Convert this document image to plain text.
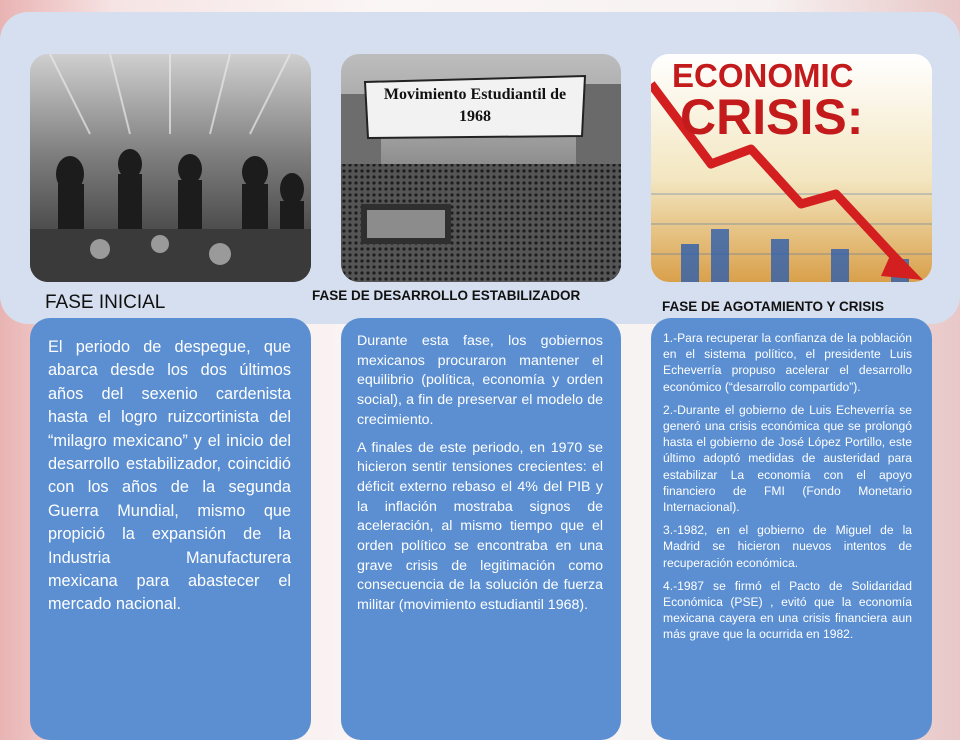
El periodo de despegue, que abarca desde los dos últimos años del sexenio cardenista hasta el logro ruizcortinista del “milagro mexicano” y el inicio del desarrollo estabilizador, coincidió con los años de la segunda Guerra Mundial, mismo que propició la expansión de la Industria Manufacturera mexicana para abastecer el mercado nacional.

Durante esta fase, los gobiernos mexicanos procuraron mantener el equilibrio (política, economía y orden social), a fin de preservar el modelo de crecimiento.

A finales de este periodo, en 1970 se hicieron sentir tensiones crecientes: el déficit externo rebaso el 4% del PIB y la inflación mostraba signos de aceleración, al mismo tiempo que el orden político se encontraba en una grave crisis de legitimación como consecuencia de la solución de fuerza militar (movimiento estudiantil 1968).

1.-Para recuperar la confianza de la población en el sistema político, el presidente Luis Echeverría propuso acelerar el desarrollo económico (“desarrollo compartido”).

2.-Durante el gobierno de Luis Echeverría se generó una crisis económica que se prolongó hasta el gobierno de José López Portillo, este último adoptó medidas de austeridad para estabilizar La economía con el apoyo financiero de FMI (Fondo Monetario Internacional).

3.-1982, en el gobierno de Miguel de la Madrid se hicieron nuevos intentos de recuperación económica.

4.-1987 se firmó el Pacto de Solidaridad Económica (PSE) , evitó que la economía mexicana cayera en una crisis financiera aun más grave que la ocurrida en 1982.

Movimiento Estudiantil de
1968
ECONOMIC
CRISIS:
FASE INICIAL	FASE DE DESARROLLO ESTABILIZADOR
FASE DE AGOTAMIENTO Y CRISIS
